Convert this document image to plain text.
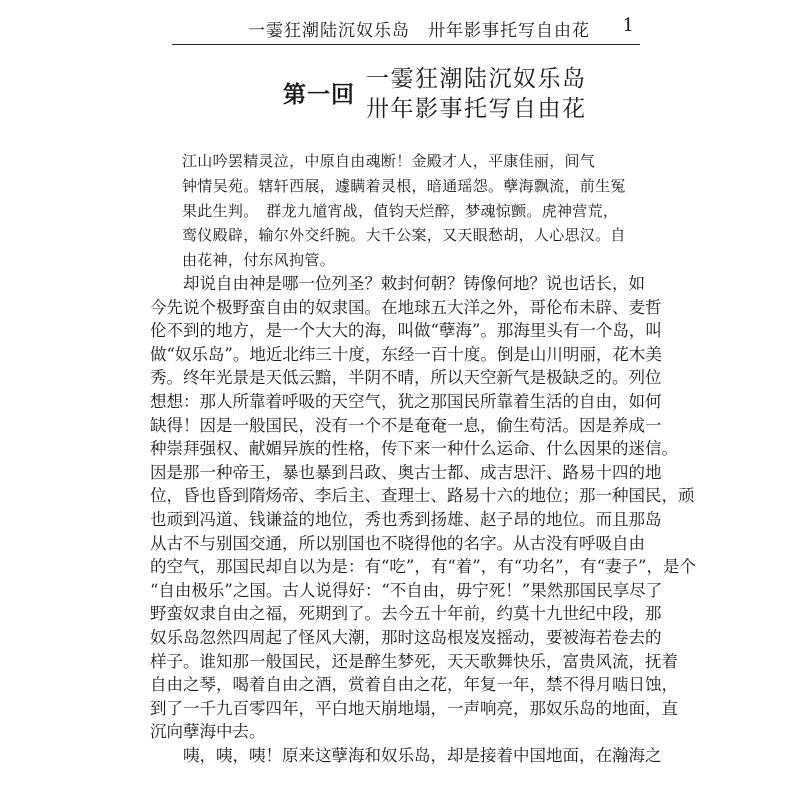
一霎狂潮陆沉奴乐岛　卅年影事托写自由花 1
第一回
一霎狂潮陆沉奴乐岛
卅年影事托写自由花
江山吟罢精灵泣，中原自由魂断！金殿才人，平康佳丽，间气
钟情吴苑。辖轩西展，遽瞒着灵根，暗通瑶怨。孽海飘流，前生冤
果此生判。　群龙九馗宵战，值钧天烂醉，梦魂惊颤。虎神营荒，
鸾仪殿辟，输尔外交纤腕。大千公案，又天眼愁胡，人心思汉。自
由花神，付东风拘管。
　　却说自由神是哪一位列圣？敕封何朝？铸像何地？说也话长，如
今先说个极野蛮自由的奴隶国。在地球五大洋之外，哥伦布未辟、麦哲
伦不到的地方，是一个大大的海，叫做“孽海”。那海里头有一个岛，叫
做“奴乐岛”。地近北纬三十度，东经一百十度。倒是山川明丽，花木美
秀。终年光景是天低云黯，半阴不晴，所以天空新气是极缺乏的。列位
想想：那人所靠着呼吸的天空气，犹之那国民所靠着生活的自由，如何
缺得！因是一般国民，没有一个不是奄奄一息，偷生苟活。因是养成一
种崇拜强权、献媚异族的性格，传下来一种什么运命、什么因果的迷信。
因是那一种帝王，暴也暴到吕政、奥古士都、成吉思汗、路易十四的地
位，昏也昏到隋炀帝、李后主、查理士、路易十六的地位；那一种国民，顽
也顽到冯道、钱谦益的地位，秀也秀到扬雄、赵子昂的地位。而且那岛
从古不与别国交通，所以别国也不晓得他的名字。从古没有呼吸自由
的空气，那国民却自以为是：有“吃”，有“着”，有“功名”，有“妻子”，是个
“自由极乐”之国。古人说得好：“不自由，毋宁死！”果然那国民享尽了
野蛮奴隶自由之福，死期到了。去今五十年前，约莫十九世纪中段，那
奴乐岛忽然四周起了怪风大潮，那时这岛根岌岌摇动，要被海若卷去的
样子。谁知那一般国民，还是醉生梦死，天天歌舞快乐，富贵风流，抚着
自由之琴，喝着自由之酒，赏着自由之花，年复一年，禁不得月啮日蚀，
到了一千九百零四年，平白地天崩地塌，一声响亮，那奴乐岛的地面，直
沉向孽海中去。
　　咦，咦，咦！原来这孽海和奴乐岛，却是接着中国地面，在瀚海之
